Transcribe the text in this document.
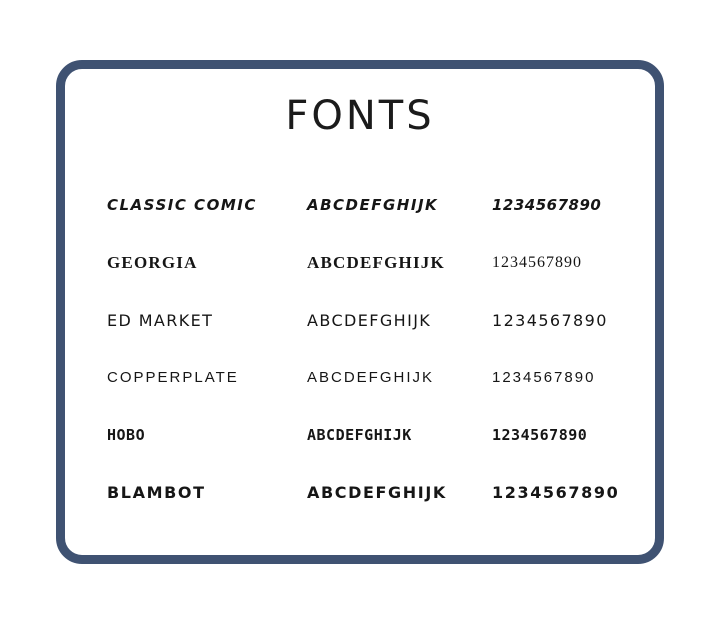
FONTS
CLASSIC COMIC	ABCDEFGHIJK	1234567890
GEORGIA	ABCDEFGHIJK	1234567890
ED MARKET	ABCDEFGHIJK	1234567890
COPPERPLATE	ABCDEFGHIJK	1234567890
HOBO	ABCDEFGHIJK	1234567890
BLAMBOT	ABCDEFGHIJK	1234567890
